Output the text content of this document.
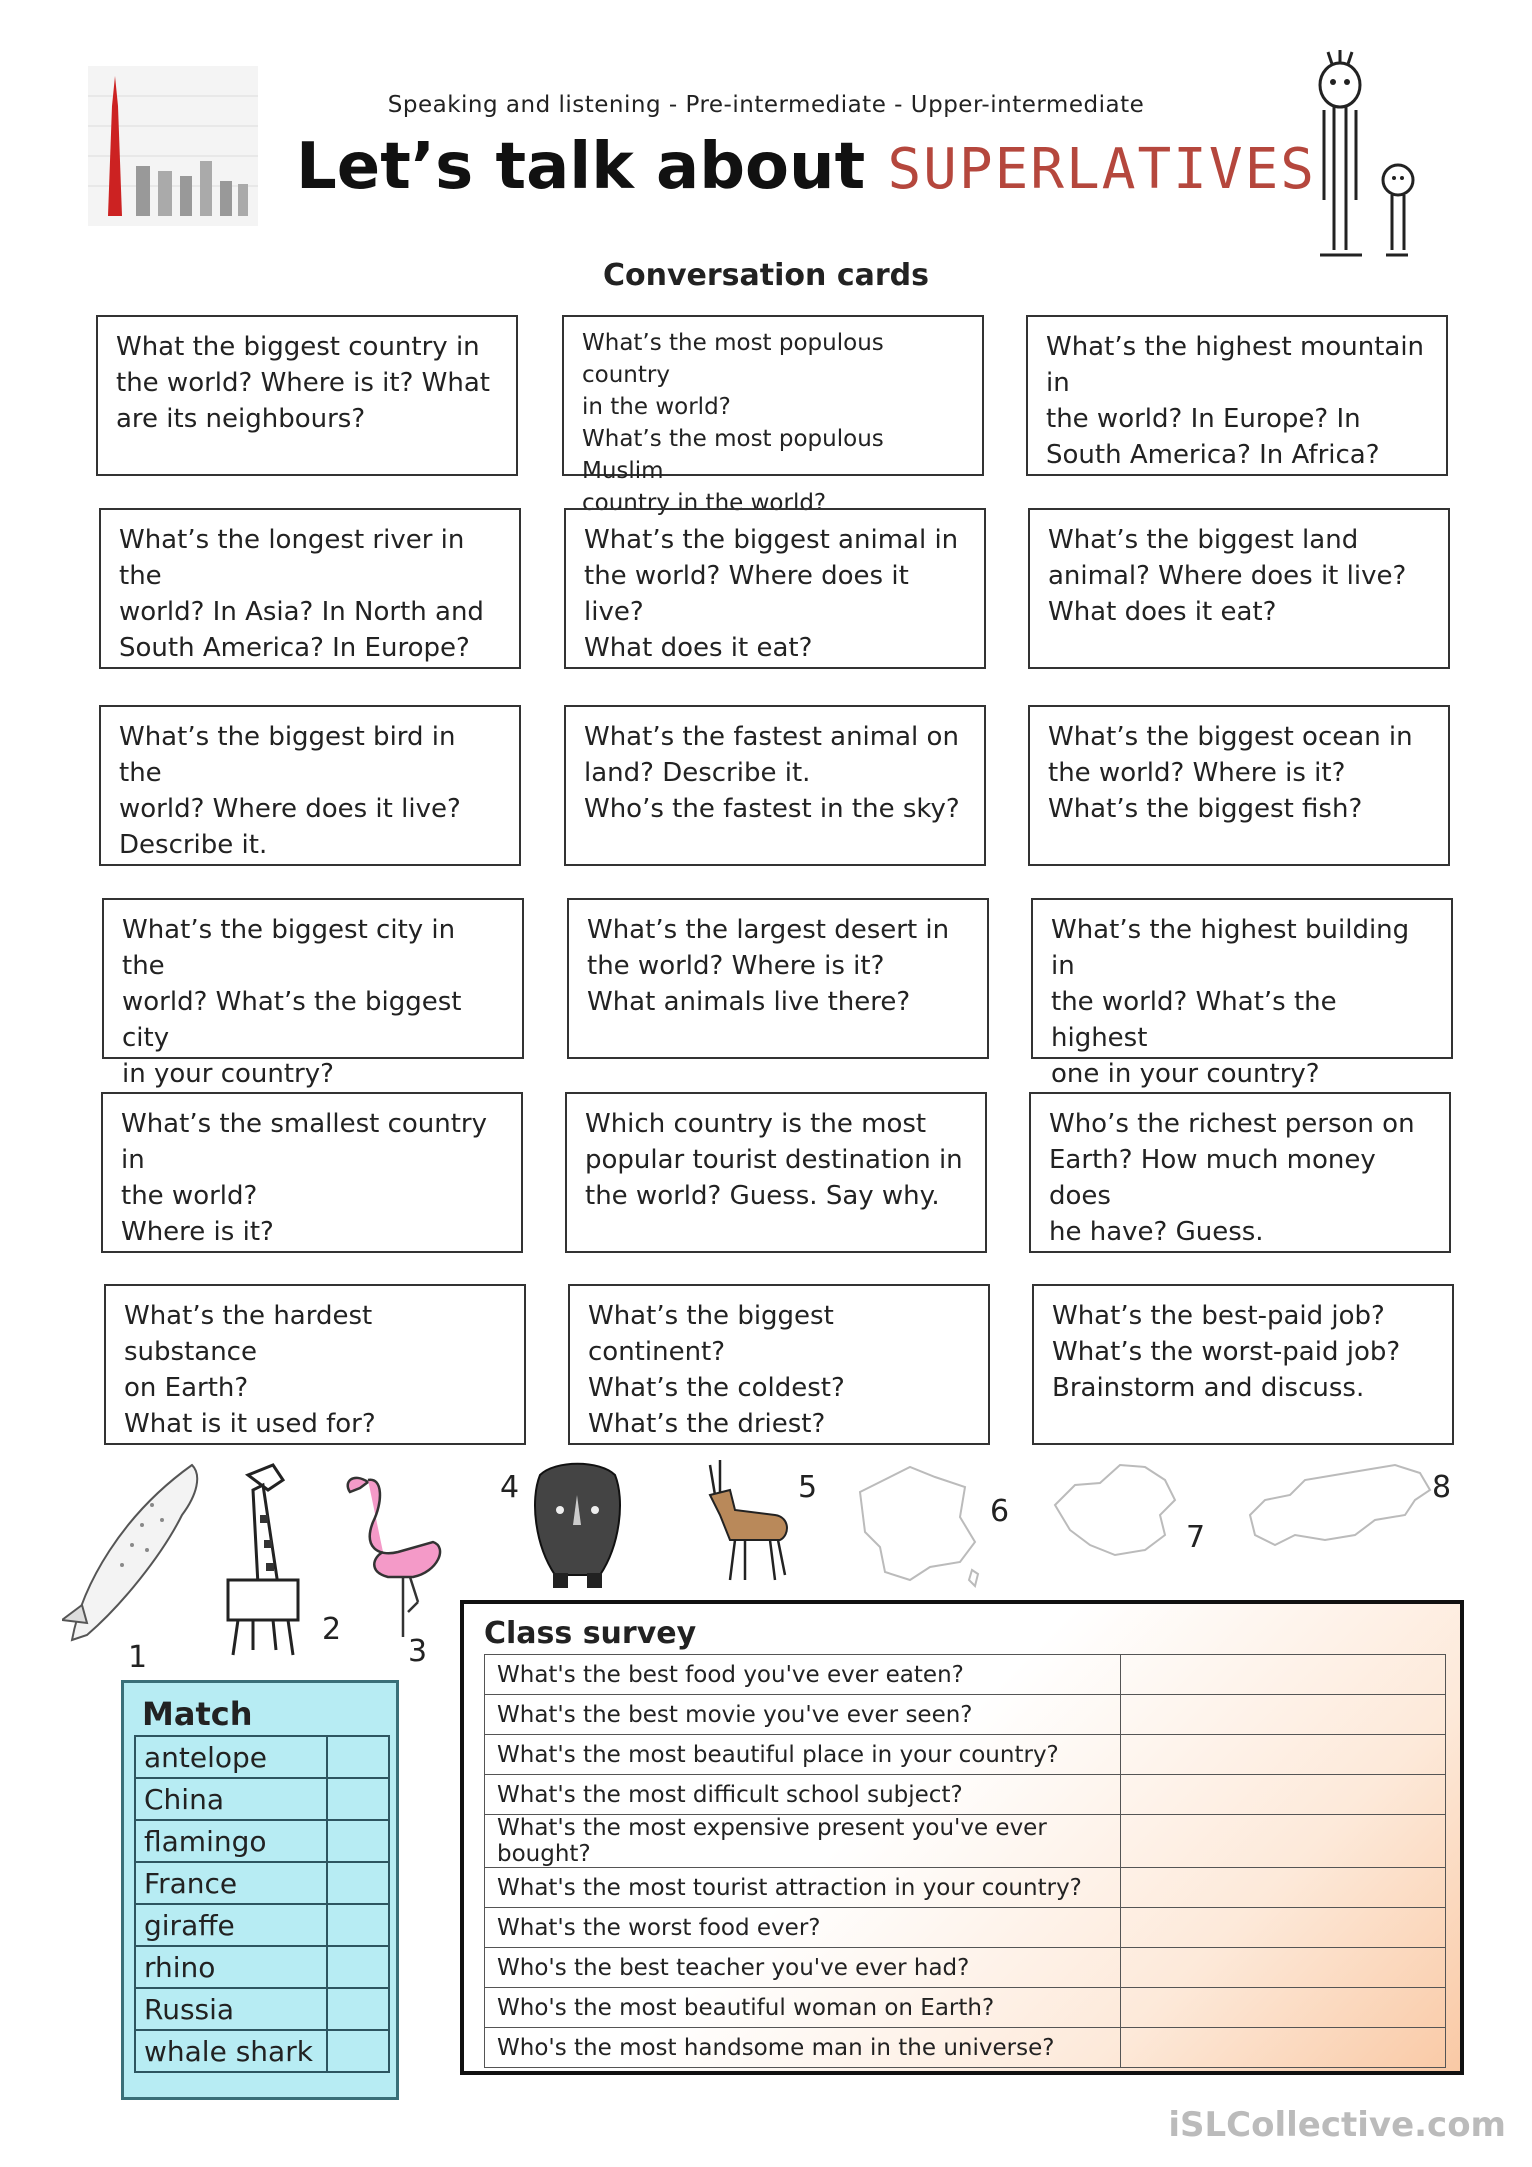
Speaking and listening - Pre-intermediate - Upper-intermediate
Let’s talk about SUPERLATIVES
Conversation cards
What the biggest country in
the world? Where is it? What
are its neighbours?
What’s the most populous country
in the world?
What’s the most populous Muslim
country in the world?
What’s the highest mountain in
the world? In Europe? In
South America? In Africa?
What’s the longest river in the
world? In Asia? In North and
South America? In Europe?
What’s the biggest animal in
the world? Where does it live?
What does it eat?
What’s the biggest land
animal? Where does it live?
What does it eat?
What’s the biggest bird in the
world? Where does it live?
Describe it.
What’s the fastest animal on
land? Describe it.
Who’s the fastest in the sky?
What’s the biggest ocean in
the world? Where is it?
What’s the biggest fish?
What’s the biggest city in the
world? What’s the biggest city
in your country?
What’s the largest desert in
the world? Where is it?
What animals live there?
What’s the highest building in
the world? What’s the highest
one in your country?
What’s the smallest country in
the world?
Where is it?
Which country is the most
popular tourist destination in
the world? Guess. Say why.
Who’s the richest person on
Earth? How much money does
he have? Guess.
What’s the hardest substance
on Earth?
What is it used for?
What’s the biggest continent?
What’s the coldest?
What’s the driest?
What’s the best-paid job?
What’s the worst-paid job?
Brainstorm and discuss.
1
2
3
4	5
6
7
8
Match
antelope	
China	
flamingo	
France	
giraffe	
rhino	
Russia	
whale shark	
Class survey
What's the best food you've ever eaten?	
What's the best movie you've ever seen?	
What's the most beautiful place in your country?	
What's the most difficult school subject?	
What's the most expensive present you've ever bought?	
What's the most tourist attraction in your country?	
What's the worst food ever?	
Who's the best teacher you've ever had?	
Who's the most beautiful woman on Earth?	
Who's the most handsome man in the universe?	
iSLCollective.com
